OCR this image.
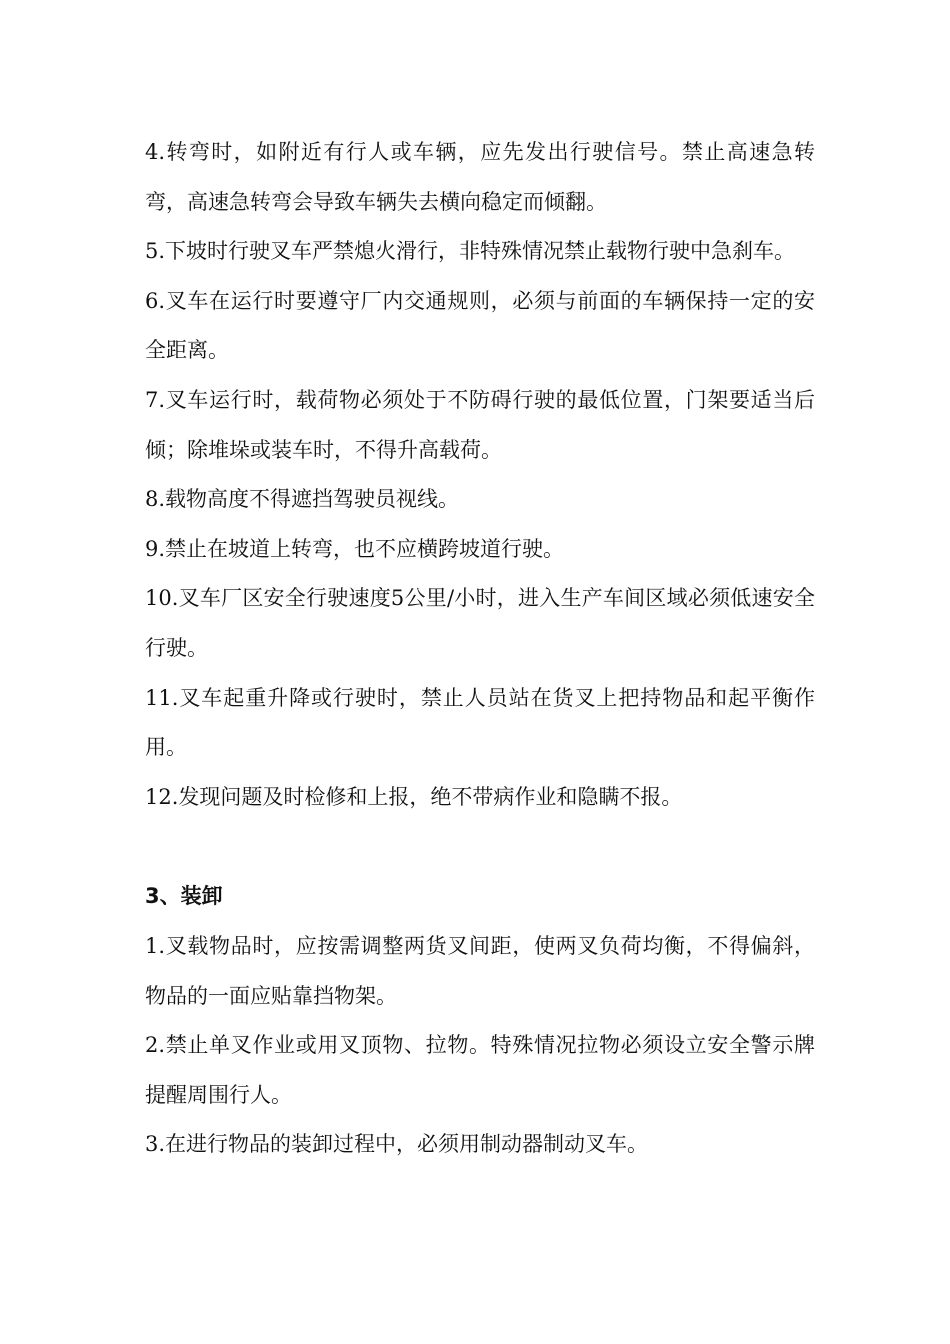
4.转弯时，如附近有行人或车辆，应先发出行驶信号。禁止高速急转弯，高速急转弯会导致车辆失去横向稳定而倾翻。

5.下坡时行驶叉车严禁熄火滑行，非特殊情况禁止载物行驶中急刹车。

6.叉车在运行时要遵守厂内交通规则，必须与前面的车辆保持一定的安全距离。

7.叉车运行时，载荷物必须处于不防碍行驶的最低位置，门架要适当后倾；除堆垛或装车时，不得升高载荷。

8.载物高度不得遮挡驾驶员视线。

9.禁止在坡道上转弯，也不应横跨坡道行驶。

10.叉车厂区安全行驶速度5公里/小时，进入生产车间区域必须低速安全行驶。

11.叉车起重升降或行驶时，禁止人员站在货叉上把持物品和起平衡作用。

12.发现问题及时检修和上报，绝不带病作业和隐瞒不报。

3、装卸

1.叉载物品时，应按需调整两货叉间距，使两叉负荷均衡，不得偏斜，物品的一面应贴靠挡物架。

2.禁止单叉作业或用叉顶物、拉物。特殊情况拉物必须设立安全警示牌提醒周围行人。

3.在进行物品的装卸过程中，必须用制动器制动叉车。
